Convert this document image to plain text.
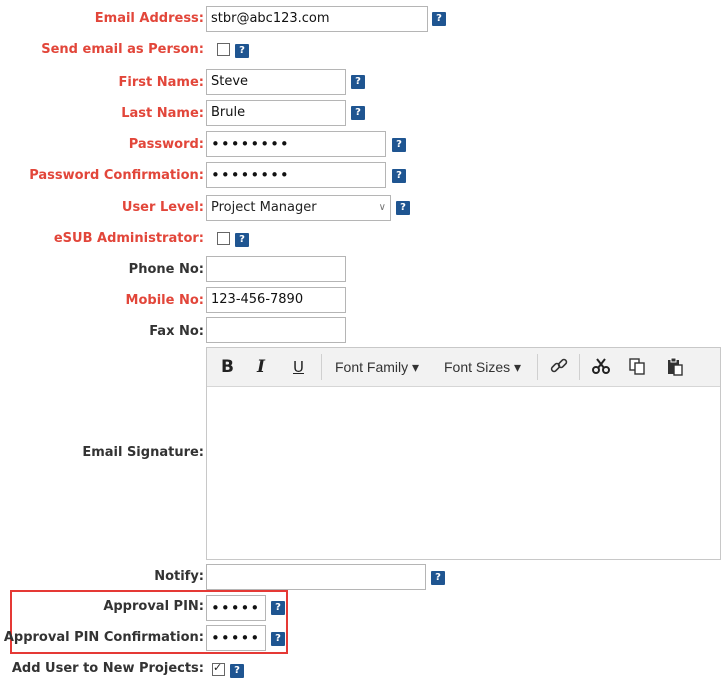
Email Address: stbr@abc123.com	?
Send email as Person:	?
First Name: Steve	?
Last Name: Brule	?
Password: ••••••••	?
Password Confirmation: ••••••••	?
User Level: Project Manager	∨	?
eSUB Administrator:	?
Phone No:
Mobile No: 123-456-7890
Fax No:
Email Signature:
B I U Font Family ▾ Font Sizes ▾
Notify:	?
Approval PIN: •••••	?
Approval PIN Confirmation: •••••	?
Add User to New Projects: ✓	?
